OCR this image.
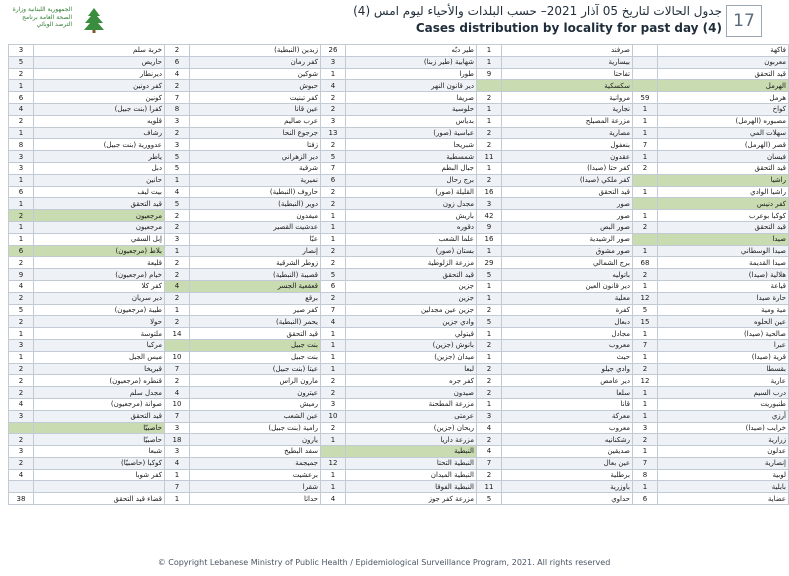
الجمهورية اللبنانية وزارة الصحة العامة برنامج الترصد الوبائي
جدول الحالات لتاريخ 05 آذار 2021– حسب البلدات والأحياء ليوم امس (4)
Cases distribution by locality for past day (4) 17
3	خربة سلم	2	زبدين (النبطية)	26	طير دبّه	1	صرفند		فاكهة
5	حاريص	6	كفر رمان	3	شهابية (طير زبنا)	1	بيسارية		معربون
2	ديرنطار	4	شوكين	1	طورا	9	تفاحتا		قيد التحقق
1	كفر دونين	2	حبوش	4	دير قانون النهر		سكسكية		الهرمل
6	كونين	7	كفر تبنيت	2	صريفا	2	مروانية	59	هرمل
4	كفرا (بنت جبيل)	8	عين قانا	2	حلوسية	1	نجارية	1	كواخ
2	قلويه	3	عرب صاليم	3	بدياس	1	مزرعة المصيلح	1	مصبوره (الهرمل)
1	رشاف	2	جرجوع النحا	13	عباسية (صور)	2	مصارية	1	سهلات المي
8	عدوورية (بنت جبيل)	3	زفتا	2	شبريحا	2	بنعفول	7	قصر (الهرمل)
3	ياطر	5	دير الزهراني	5	شمسطية	11	عقدون	1	فيسان
3	دبل	5	شرقية	7	جبال البطم	1	كفر حتا (صيدا)	2	قيد التحقق
1	حانين	1	نميرية	6	برج رحال	2	كفر ملكي (صيدا)		راشيا
6	بيت ليف	4	حاروف (النبطية)	2	القليلة (صور)	16	قيد التحقق	1	راشيا الوادي
1	قيد التحقق	5	دوير (النبطية)	2	مجدل زون	3	صور		كفر دنيس
2	مرجعيون	2	ميفدون	1	باريش	42	صور	1	كوكبا بوعرب
1	مرجعيون	2	عدشيت القصير	1	دقوره	9	صور البص	2	قيد التحقق
1	إبل السقي	3	عبّا	1	علما الشعب	16	صور الرشيدية		صيدا
6	بلاط (مرجعيون)	1	إنصار	2	بستان (صور)	1	صور مشوق	1	صيدا الوسطاني
2	قليعة	2	زوطر الشرقية	2	مزرعة الزلوطية	29	برج الشمالي	68	صيدا القديمة
9	خيام (مرجعيون)	2	قصيبة (النبطية)	5	قيد التحقق	5	باتوليه	2	هلالية (صيدا)
4	كفر كلا	4	قعقعية الجسر	6	جزين	1	دير قانون العين	1	قياعة
2	دير سريان	2	برقع	2	جزين	1	معلية	12	حارة صيدا
5	طيبة (مرجعيون)	1	كفر صير	7	جزين عين مجدلين	2	كفرة	5	مية ومية
2	حولا	2	يحمر (النبطية)	4	وادي جزين	5	دبعال	15	عين الحلوه
1	ملتوسة	14	قيد التحقق	1	قيتولي	1	مجادل	1	صالحية (صيدا)
3	مركبا		بنت جبيل	1	بانوش (جزين)	2	معروب	7	عبرا
1	ميس الجبل	10	بنت جبيل	1	ميدان (جزين)	1	حيث	1	قرية (صيدا)
2	قبريخا	7	عيتا (بنت جبيل)	1	لبعا	2	وادي جيلو	2	بقسطا
2	قنطره (مرجعيون)	2	مارون الراس	2	كفر جره	2	دير عامص	12	عارية
2	مجدل سلم	4	عيترون	2	صيدون	2	سلعا	1	درب السيم
4	صوانة (مرجعيون)	10	رميش	3	مزرعة المطحنة	1	قانا	1	طنبوريت
3	قيد التحقق	7	عين الشعب	10	عرمتى	3	معركة	1	أرزي
	حاصبيّا	3	رامية (بنت جبيل)	2	ريحان (جزين)	4	معروب	3	خرايب (صيدا)
2	حاصبيّا	18	يارون	1	مزرعة داريا	2	رشكنانيه	2	زرارية
3	شبعا	3	سفد البطيخ		النبطية	4	صديقين	1	عدلون
2	كوكبا (حاصبيّا)	4	جميجمة	12	النبطية التحتا	7	عين بعال	7	إنصارية
4	كفر شوبا	1	برعشيت	1	النبطية الميدان	2	برطلية	8	لوبية
		7	شقرا	1	النبطية الفوقا	11	باوزرية	1	بابلية
38	قضاء قيد التحقق	1	حداثا	4	مزرعة كفر جوز	5	حداوي	6	عضاية
© Copyright Lebanese Ministry of Public Health / Epidemiological Surveillance Program, 2021. All rights reserved
